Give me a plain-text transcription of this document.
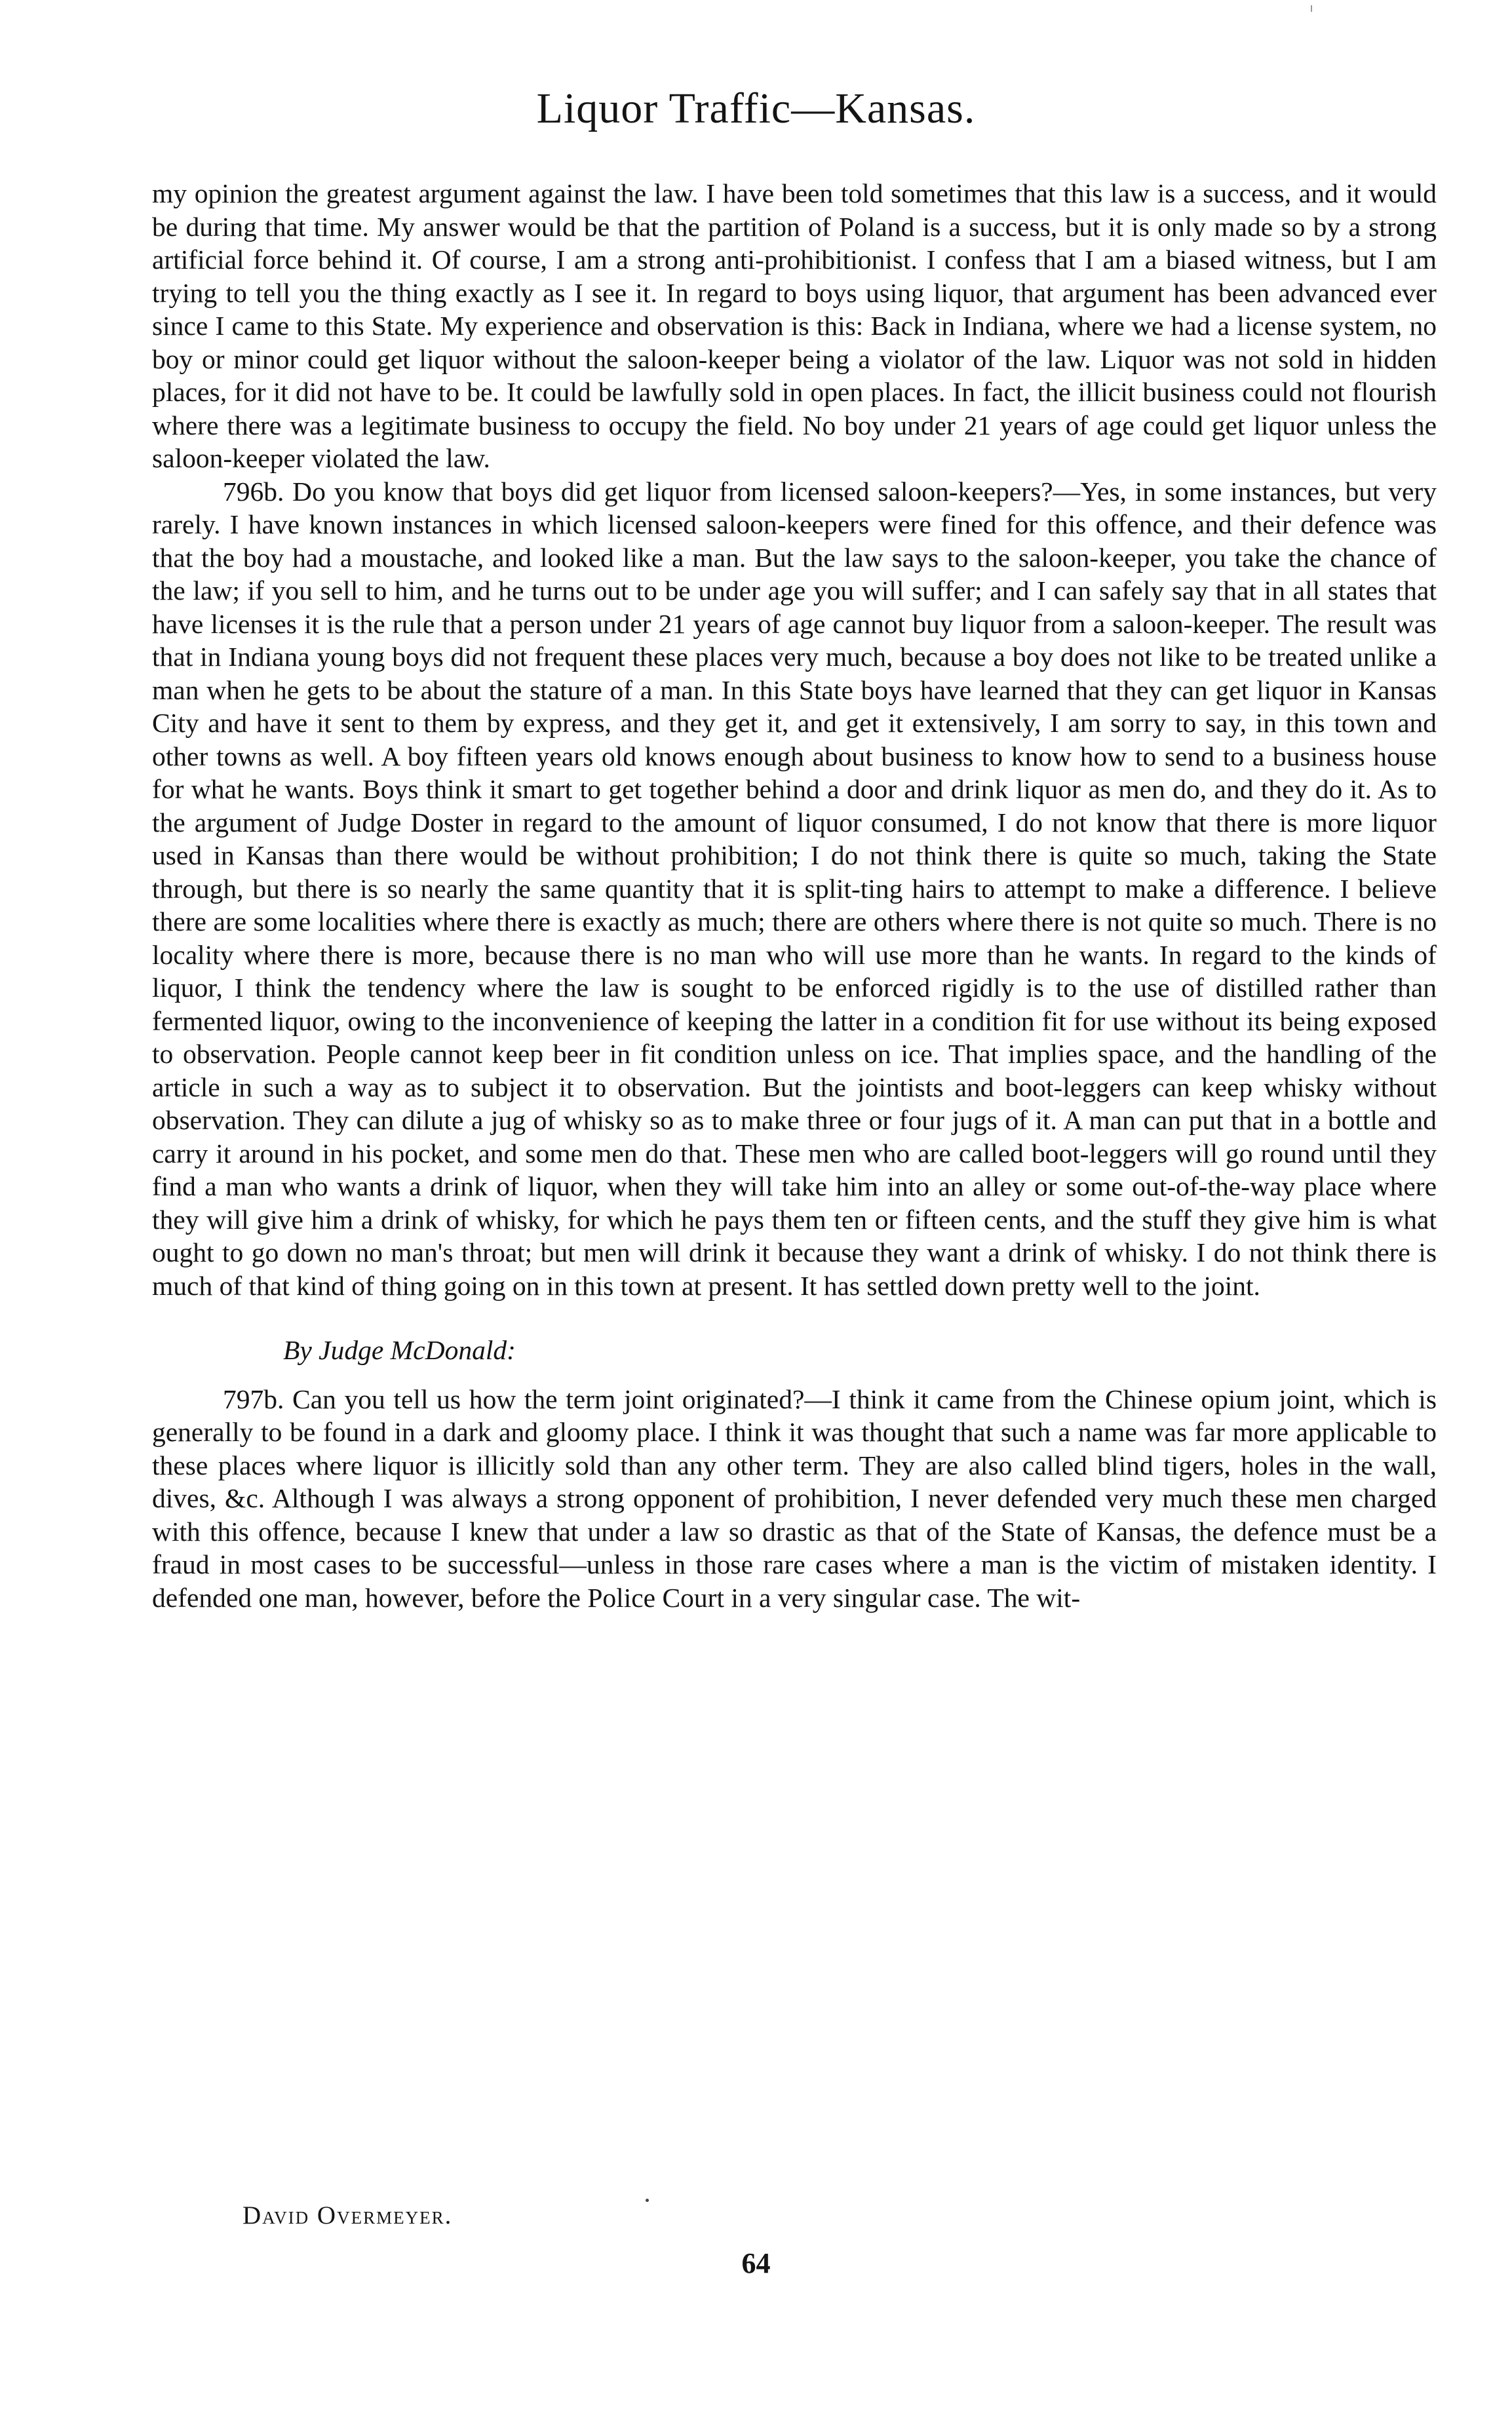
Liquor Traffic—Kansas.

my opinion the greatest argument against the law. I have been told sometimes that this law is a success, and it would be during that time. My answer would be that the partition of Poland is a success, but it is only made so by a strong artificial force behind it. Of course, I am a strong anti-prohibitionist. I confess that I am a biased witness, but I am trying to tell you the thing exactly as I see it. In regard to boys using liquor, that argument has been advanced ever since I came to this State. My experience and observation is this: Back in Indiana, where we had a license system, no boy or minor could get liquor without the saloon-keeper being a violator of the law. Liquor was not sold in hidden places, for it did not have to be. It could be lawfully sold in open places. In fact, the illicit business could not flourish where there was a legitimate business to occupy the field. No boy under 21 years of age could get liquor unless the saloon-keeper violated the law.

796b. Do you know that boys did get liquor from licensed saloon-keepers?—Yes, in some instances, but very rarely. I have known instances in which licensed saloon-keepers were fined for this offence, and their defence was that the boy had a moustache, and looked like a man. But the law says to the saloon-keeper, you take the chance of the law; if you sell to him, and he turns out to be under age you will suffer; and I can safely say that in all states that have licenses it is the rule that a person under 21 years of age cannot buy liquor from a saloon-keeper. The result was that in Indiana young boys did not frequent these places very much, because a boy does not like to be treated unlike a man when he gets to be about the stature of a man. In this State boys have learned that they can get liquor in Kansas City and have it sent to them by express, and they get it, and get it extensively, I am sorry to say, in this town and other towns as well. A boy fifteen years old knows enough about business to know how to send to a business house for what he wants. Boys think it smart to get together behind a door and drink liquor as men do, and they do it. As to the argument of Judge Doster in regard to the amount of liquor consumed, I do not know that there is more liquor used in Kansas than there would be without prohibition; I do not think there is quite so much, taking the State through, but there is so nearly the same quantity that it is split-ting hairs to attempt to make a difference. I believe there are some localities where there is exactly as much; there are others where there is not quite so much. There is no locality where there is more, because there is no man who will use more than he wants. In regard to the kinds of liquor, I think the tendency where the law is sought to be enforced rigidly is to the use of distilled rather than fermented liquor, owing to the inconvenience of keeping the latter in a condition fit for use without its being exposed to observation. People cannot keep beer in fit condition unless on ice. That implies space, and the handling of the article in such a way as to subject it to observation. But the jointists and boot-leggers can keep whisky without observation. They can dilute a jug of whisky so as to make three or four jugs of it. A man can put that in a bottle and carry it around in his pocket, and some men do that. These men who are called boot-leggers will go round until they find a man who wants a drink of liquor, when they will take him into an alley or some out-of-the-way place where they will give him a drink of whisky, for which he pays them ten or fifteen cents, and the stuff they give him is what ought to go down no man's throat; but men will drink it because they want a drink of whisky. I do not think there is much of that kind of thing going on in this town at present. It has settled down pretty well to the joint.

By Judge McDonald:

797b. Can you tell us how the term joint originated?—I think it came from the Chinese opium joint, which is generally to be found in a dark and gloomy place. I think it was thought that such a name was far more applicable to these places where liquor is illicitly sold than any other term. They are also called blind tigers, holes in the wall, dives, &c. Although I was always a strong opponent of prohibition, I never defended very much these men charged with this offence, because I knew that under a law so drastic as that of the State of Kansas, the defence must be a fraud in most cases to be successful—unless in those rare cases where a man is the victim of mistaken identity. I defended one man, however, before the Police Court in a very singular case. The wit-

David Overmeyer.
64
